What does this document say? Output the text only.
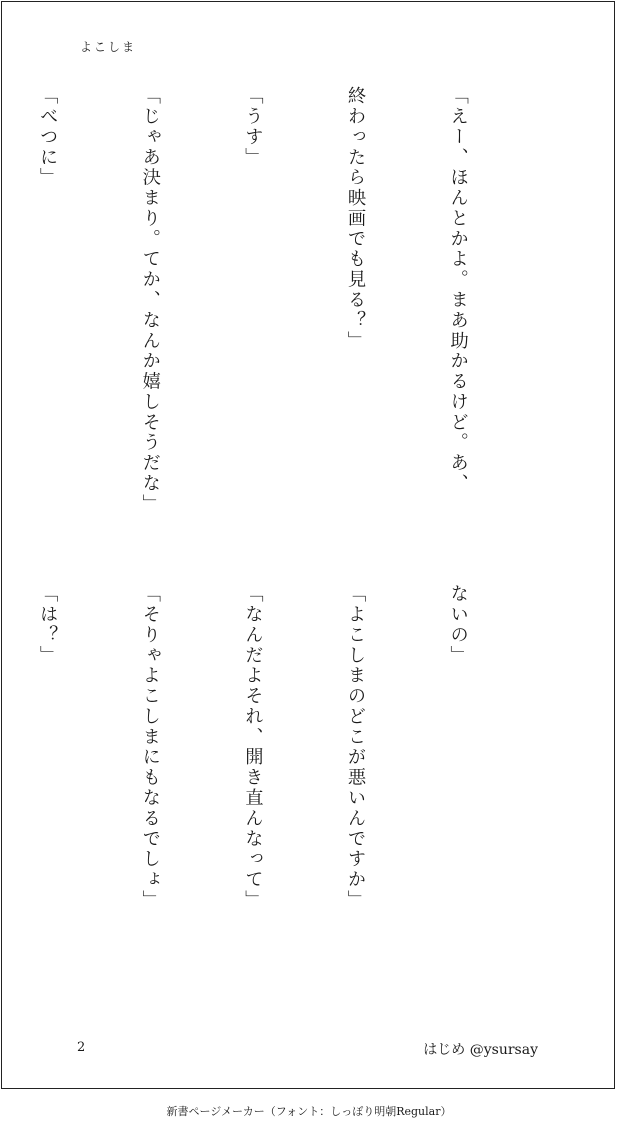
よこしま

「えー、ほんとかよ。まあ助かるけど。あ、

終わったら映画でも見る？」

「うす」

「じゃあ決まり。てか、なんか嬉しそうだな」

「べつに」

ないの」

「よこしまのどこが悪いんですか」

「なんだよそれ、開き直んなって」

「そりゃよこしまにもなるでしょ」

「は？」

2	はじめ @ysursay
新書ページメーカー（フォント：しっぽり明朝Regular）
